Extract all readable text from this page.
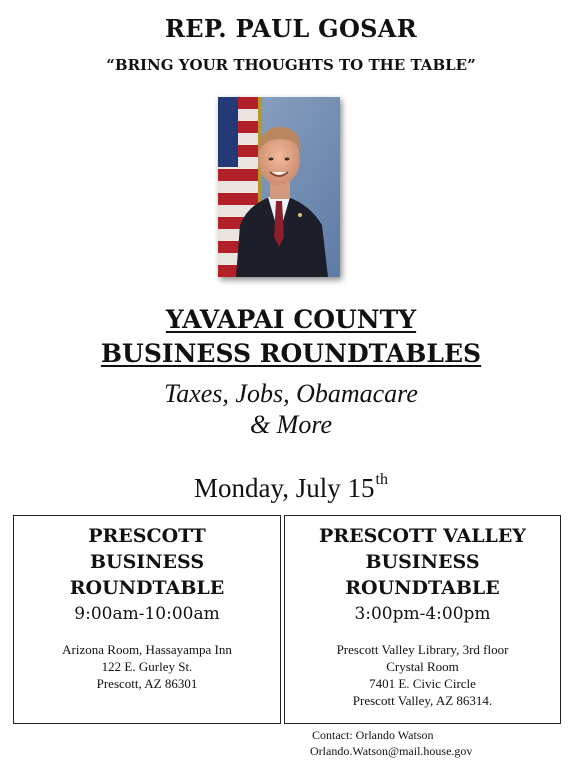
REP. PAUL GOSAR
“BRING YOUR THOUGHTS TO THE TABLE”
YAVAPAI COUNTY
BUSINESS ROUNDTABLES
Taxes, Jobs, Obamacare
& More
Monday, July 15th
PRESCOTT
BUSINESS
ROUNDTABLE
9:00am-10:00am
Arizona Room, Hassayampa Inn
122 E. Gurley St.
Prescott, AZ 86301
PRESCOTT VALLEY
BUSINESS
ROUNDTABLE
3:00pm-4:00pm
Prescott Valley Library, 3rd floor
Crystal Room
7401 E. Civic Circle
Prescott Valley, AZ 86314.
Contact: Orlando Watson
Orlando.Watson@mail.house.gov
